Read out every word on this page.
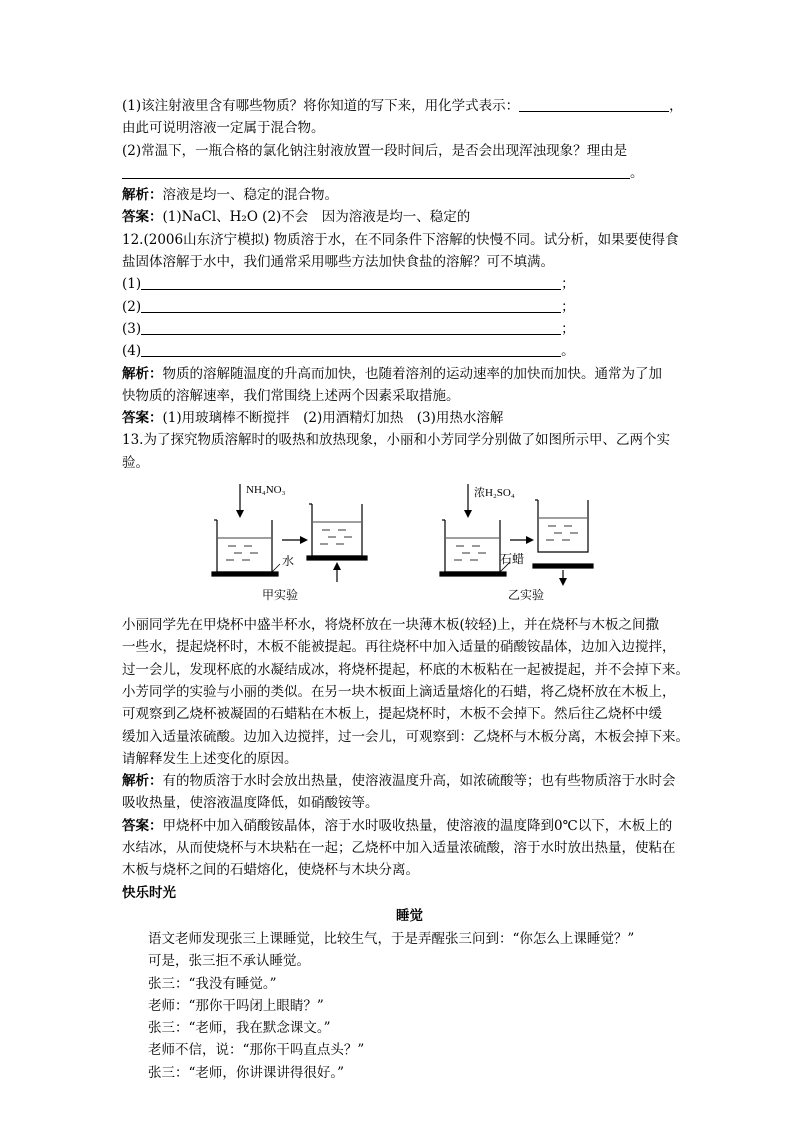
(1)该注射液里含有哪些物质？将你知道的写下来，用化学式表示：	，
由此可说明溶液一定属于混合物。
(2)常温下，一瓶合格的氯化钠注射液放置一段时间后，是否会出现浑浊现象？理由是
。
解析：溶液是均一、稳定的混合物。
答案：(1)NaCl、H₂O (2)不会　因为溶液是均一、稳定的
12.(2006山东济宁模拟) 物质溶于水，在不同条件下溶解的快慢不同。试分析，如果要使得食
盐固体溶解于水中，我们通常采用哪些方法加快食盐的溶解？可不填满。
(1)	；
(2)	；
(3)	；
(4)	。
解析：物质的溶解随温度的升高而加快，也随着溶剂的运动速率的加快而加快。通常为了加
快物质的溶解速率，我们常围绕上述两个因素采取措施。
答案：(1)用玻璃棒不断搅拌　(2)用酒精灯加热　(3)用热水溶解
13.为了探究物质溶解时的吸热和放热现象，小丽和小芳同学分别做了如图所示甲、乙两个实
验。
NH₄NO₃
水
甲实验
浓H₂SO₄
石蜡
乙实验
小丽同学先在甲烧杯中盛半杯水，将烧杯放在一块薄木板(较轻)上，并在烧杯与木板之间撒
一些水，提起烧杯时，木板不能被提起。再往烧杯中加入适量的硝酸铵晶体，边加入边搅拌，
过一会儿，发现杯底的水凝结成冰，将烧杯提起，杯底的木板粘在一起被提起，并不会掉下来。
小芳同学的实验与小丽的类似。在另一块木板面上滴适量熔化的石蜡，将乙烧杯放在木板上，
可观察到乙烧杯被凝固的石蜡粘在木板上，提起烧杯时，木板不会掉下。然后往乙烧杯中缓
缓加入适量浓硫酸。边加入边搅拌，过一会儿，可观察到：乙烧杯与木板分离，木板会掉下来。
请解释发生上述变化的原因。
解析：有的物质溶于水时会放出热量，使溶液温度升高，如浓硫酸等；也有些物质溶于水时会
吸收热量，使溶液温度降低，如硝酸铵等。
答案：甲烧杯中加入硝酸铵晶体，溶于水时吸收热量，使溶液的温度降到0℃以下，木板上的
水结冰，从而使烧杯与木块粘在一起；乙烧杯中加入适量浓硫酸，溶于水时放出热量，使粘在
木板与烧杯之间的石蜡熔化，使烧杯与木块分离。
快乐时光
睡觉
语文老师发现张三上课睡觉，比较生气，于是弄醒张三问到：“你怎么上课睡觉？”
可是，张三拒不承认睡觉。
张三：“我没有睡觉。”
老师：“那你干吗闭上眼睛？”
张三：“老师，我在默念课文。”
老师不信，说：“那你干吗直点头？”
张三：“老师，你讲课讲得很好。”
